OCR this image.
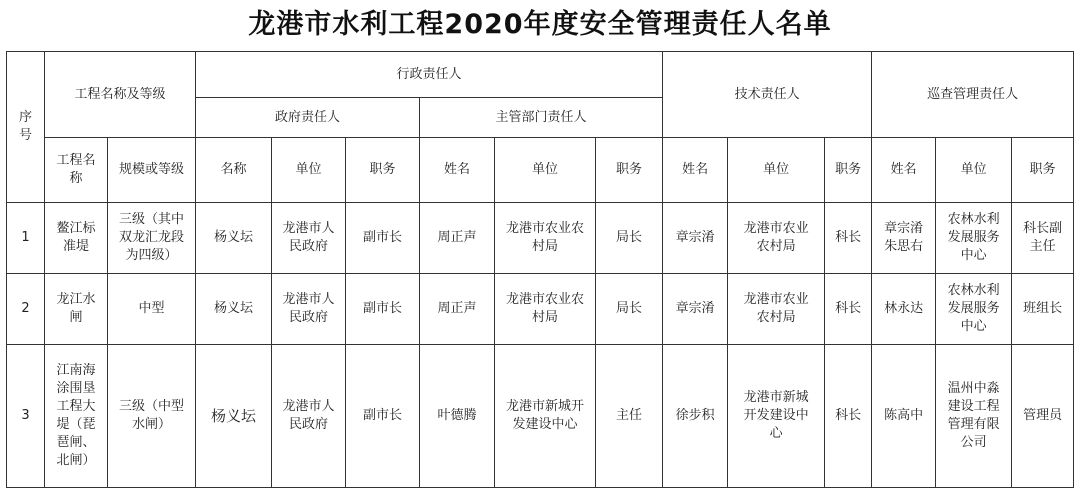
龙港市水利工程2020年度安全管理责任人名单
序号	工程名称及等级		行政责任人						技术责任人			巡查管理责任人		
			政府责任人			主管部门责任人								
	工程名称	规模或等级	名称	单位	职务	姓名	单位	职务	姓名	单位	职务	姓名	单位	职务
1	鳌江标准堤	三级（其中双龙汇龙段为四级）	杨义坛	龙港市人民政府	副市长	周正声	龙港市农业农村局	局长	章宗淆	龙港市农业农村局	科长	章宗淆朱思右	农林水利发展服务中心	科长副主任
2	龙江水闸	中型	杨义坛	龙港市人民政府	副市长	周正声	龙港市农业农村局	局长	章宗淆	龙港市农业农村局	科长	林永达	农林水利发展服务中心	班组长
3	江南海涂围垦工程大堤（琵琶闸、北闸）	三级（中型水闸）	杨义坛	龙港市人民政府	副市长	叶德腾	龙港市新城开发建设中心	主任	徐步积	龙港市新城开发建设中心	科长	陈高中	温州中淼建设工程管理有限公司	管理员
